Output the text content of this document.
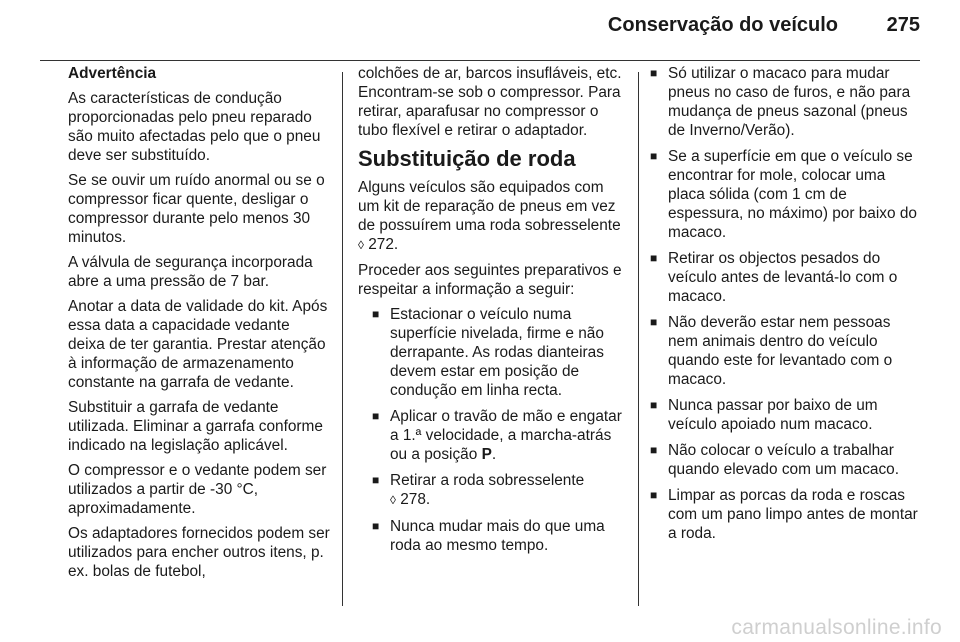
Conservação do veículo 275

Advertência

As características de condução proporcionadas pelo pneu reparado são muito afectadas pelo que o pneu deve ser substituído.

Se se ouvir um ruído anormal ou se o compressor ficar quente, desligar o compressor durante pelo menos 30 minutos.

A válvula de segurança incorporada abre a uma pressão de 7 bar.

Anotar a data de validade do kit. Após essa data a capacidade vedante deixa de ter garantia. Prestar atenção à informação de armazenamento constante na garrafa de vedante.

Substituir a garrafa de vedante utilizada. Eliminar a garrafa conforme indicado na legislação aplicável.

O compressor e o vedante podem ser utilizados a partir de -30 °C, aproximadamente.

Os adaptadores fornecidos podem ser utilizados para encher outros itens, p. ex. bolas de futebol,

colchões de ar, barcos insufláveis, etc. Encontram-se sob o compressor. Para retirar, aparafusar no compressor o tubo flexível e retirar o adaptador.

Substituição de roda

Alguns veículos são equipados com um kit de reparação de pneus em vez de possuírem uma roda sobresselente ◊ 272.

Proceder aos seguintes preparativos e respeitar a informação a seguir:

■ Estacionar o veículo numa superfície nivelada, firme e não derrapante. As rodas dianteiras devem estar em posição de condução em linha recta.
■ Aplicar o travão de mão e engatar a 1.ª velocidade, a marcha-atrás ou a posição P.
■ Retirar a roda sobresselente
◊ 278.
■ Nunca mudar mais do que uma roda ao mesmo tempo.
■ Só utilizar o macaco para mudar pneus no caso de furos, e não para mudança de pneus sazonal (pneus de Inverno/Verão).
■ Se a superfície em que o veículo se encontrar for mole, colocar uma placa sólida (com 1 cm de espessura, no máximo) por baixo do macaco.
■ Retirar os objectos pesados do veículo antes de levantá-lo com o macaco.
■ Não deverão estar nem pessoas nem animais dentro do veículo quando este for levantado com o macaco.
■ Nunca passar por baixo de um veículo apoiado num macaco.
■ Não colocar o veículo a trabalhar quando elevado com um macaco.
■ Limpar as porcas da roda e roscas com um pano limpo antes de montar a roda.
carmanualsonline.info
